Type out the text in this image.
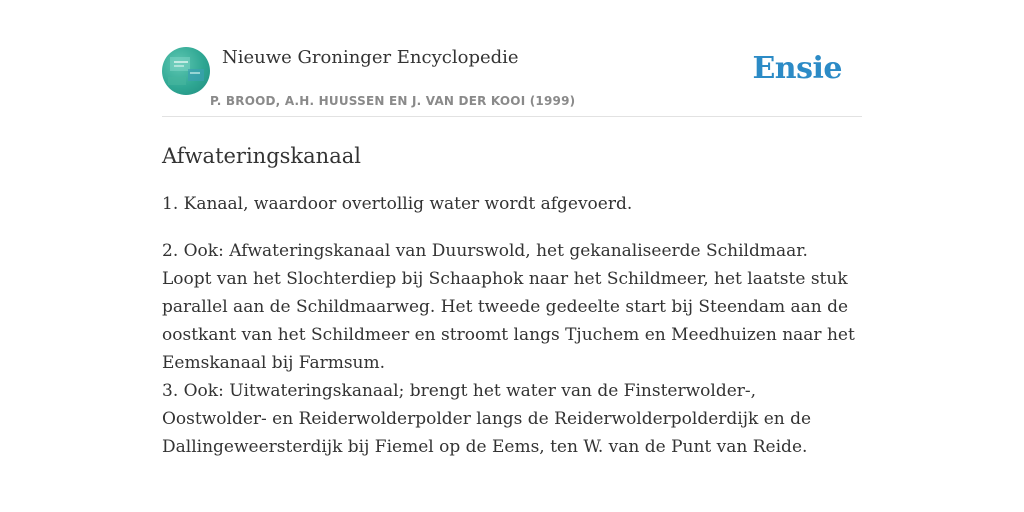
Nieuwe Groninger Encyclopedie
P. BROOD, A.H. HUUSSEN EN J. VAN DER KOOI (1999)
Ensie
Afwateringskanaal

1. Kanaal, waardoor overtollig water wordt afgevoerd.

2. Ook: Afwateringskanaal van Duurswold, het gekanaliseerde Schildmaar. Loopt van het Slochterdiep bij Schaaphok naar het Schildmeer, het laatste stuk parallel aan de Schildmaarweg. Het tweede gedeelte start bij Steendam aan de oostkant van het Schildmeer en stroomt langs Tjuchem en Meedhuizen naar het Eemskanaal bij Farmsum.

3. Ook: Uitwateringskanaal; brengt het water van de Finsterwolder-, Oostwolder- en Reiderwolderpolder langs de Reiderwolderpolderdijk en de Dallingeweersterdijk bij Fiemel op de Eems, ten W. van de Punt van Reide.
